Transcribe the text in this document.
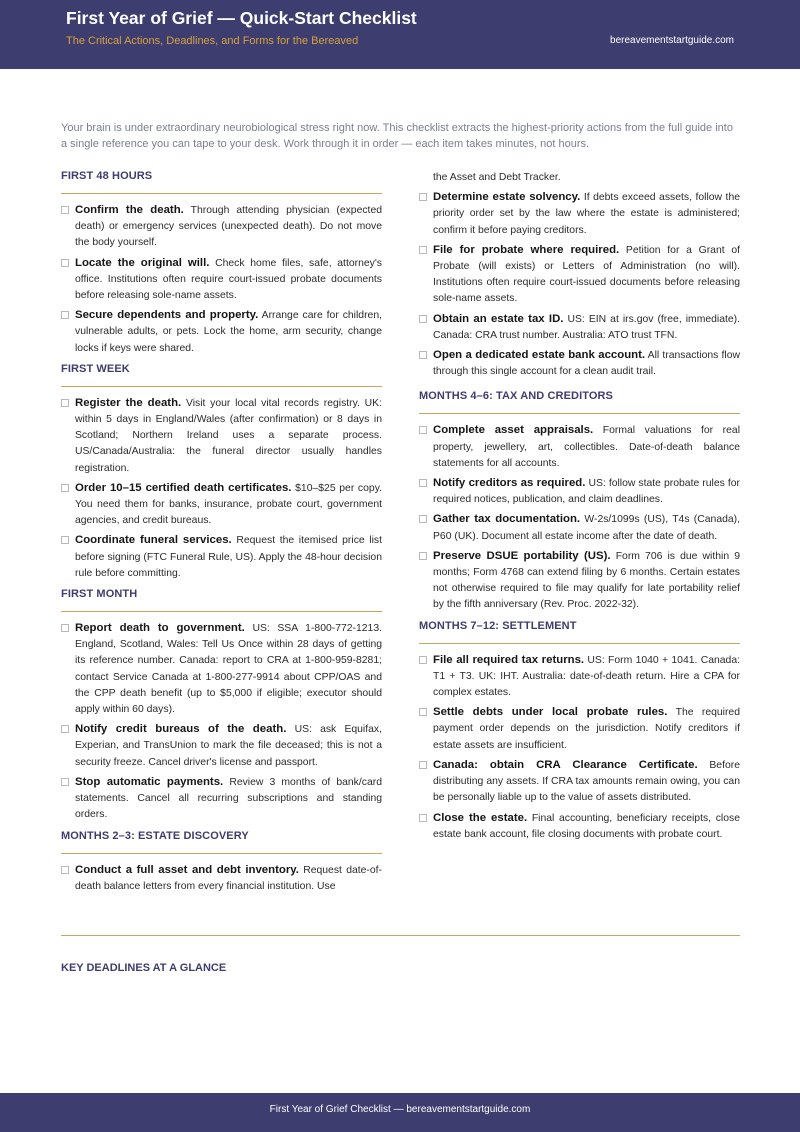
First Year of Grief — Quick-Start Checklist
The Critical Actions, Deadlines, and Forms for the Bereaved	bereavementstartguide.com
Your brain is under extraordinary neurobiological stress right now. This checklist extracts the highest-priority actions from the full guide into a single reference you can tape to your desk. Work through it in order — each item takes minutes, not hours.
FIRST 48 HOURS
Confirm the death. Through attending physician (expected death) or emergency services (unexpected death). Do not move the body yourself.
Locate the original will. Check home files, safe, attorney's office. Institutions often require court-issued probate documents before releasing sole-name assets.
Secure dependents and property. Arrange care for children, vulnerable adults, or pets. Lock the home, arm security, change locks if keys were shared.
FIRST WEEK
Register the death. Visit your local vital records registry. UK: within 5 days in England/Wales (after confirmation) or 8 days in Scotland; Northern Ireland uses a separate process. US/Canada/Australia: the funeral director usually handles registration.
Order 10–15 certified death certificates. $10–$25 per copy. You need them for banks, insurance, probate court, government agencies, and credit bureaus.
Coordinate funeral services. Request the itemised price list before signing (FTC Funeral Rule, US). Apply the 48-hour decision rule before committing.
FIRST MONTH
Report death to government. US: SSA 1-800-772-1213. England, Scotland, Wales: Tell Us Once within 28 days of getting its reference number. Canada: report to CRA at 1-800-959-8281; contact Service Canada at 1-800-277-9914 about CPP/OAS and the CPP death benefit (up to $5,000 if eligible; executor should apply within 60 days).
Notify credit bureaus of the death. US: ask Equifax, Experian, and TransUnion to mark the file deceased; this is not a security freeze. Cancel driver's license and passport.
Stop automatic payments. Review 3 months of bank/card statements. Cancel all recurring subscriptions and standing orders.
MONTHS 2–3: ESTATE DISCOVERY
Conduct a full asset and debt inventory. Request date-of-death balance letters from every financial institution. Use
the Asset and Debt Tracker.
Determine estate solvency. If debts exceed assets, follow the priority order set by the law where the estate is administered; confirm it before paying creditors.
File for probate where required. Petition for a Grant of Probate (will exists) or Letters of Administration (no will). Institutions often require court-issued documents before releasing sole-name assets.
Obtain an estate tax ID. US: EIN at irs.gov (free, immediate). Canada: CRA trust number. Australia: ATO trust TFN.
Open a dedicated estate bank account. All transactions flow through this single account for a clean audit trail.
MONTHS 4–6: TAX AND CREDITORS
Complete asset appraisals. Formal valuations for real property, jewellery, art, collectibles. Date-of-death balance statements for all accounts.
Notify creditors as required. US: follow state probate rules for required notices, publication, and claim deadlines.
Gather tax documentation. W-2s/1099s (US), T4s (Canada), P60 (UK). Document all estate income after the date of death.
Preserve DSUE portability (US). Form 706 is due within 9 months; Form 4768 can extend filing by 6 months. Certain estates not otherwise required to file may qualify for late portability relief by the fifth anniversary (Rev. Proc. 2022-32).
MONTHS 7–12: SETTLEMENT
File all required tax returns. US: Form 1040 + 1041. Canada: T1 + T3. UK: IHT. Australia: date-of-death return. Hire a CPA for complex estates.
Settle debts under local probate rules. The required payment order depends on the jurisdiction. Notify creditors if estate assets are insufficient.
Canada: obtain CRA Clearance Certificate. Before distributing any assets. If CRA tax amounts remain owing, you can be personally liable up to the value of assets distributed.
Close the estate. Final accounting, beneficiary receipts, close estate bank account, file closing documents with probate court.
KEY DEADLINES AT A GLANCE
First Year of Grief Checklist — bereavementstartguide.com
